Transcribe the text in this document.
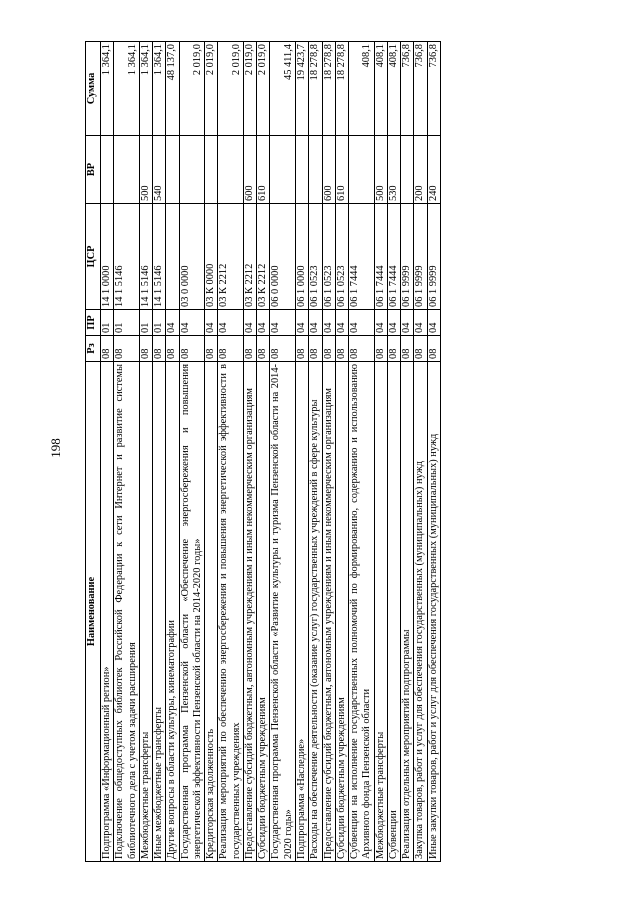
198
Наименование	Рз	ПР	ЦСР	ВР	Сумма
Подпрограмма «Информационный регион»	08	01	14 1 0000		1 364,1
Подключение общедоступных библиотек Российской Федерации к сети Интернет и развитие системы библиотечного дела с учетом задачи расширения	08	01	14 1 5146		1 364,1
Межбюджетные трансферты	08	01	14 1 5146	500	1 364,1
Иные межбюджетные трансферты	08	01	14 1 5146	540	1 364,1
Другие вопросы в области культуры, кинематографии	08	04			48 137,0
Государственная программа Пензенской области «Обеспечение энергосбережения и повышения энергетической эффективности Пензенской области на 2014-2020 годы»	08	04	03 0 0000		2 019,0
Кредиторская задолженность	08	04	03 К 0000		2 019,0
Реализация мероприятий по обеспечению энергосбережения и повышения энергетической эффективности в государственных учреждениях	08	04	03 К 2212		2 019,0
Предоставление субсидий бюджетным, автономным учреждениям и иным некоммерческим организациям	08	04	03 К 2212	600	2 019,0
Субсидии бюджетным учреждениям	08	04	03 К 2212	610	2 019,0
Государственная программа Пензенской области «Развитие культуры и туризма Пензенской области на 2014-2020 годы»	08	04	06 0 0000		45 411,4
Подпрограмма «Наследие»	08	04	06 1 0000		19 423,7
Расходы на обеспечение деятельности (оказание услуг) государственных учреждений в сфере культуры	08	04	06 1 0523		18 278,8
Предоставление субсидий бюджетным, автономным учреждениям и иным некоммерческим организациям	08	04	06 1 0523	600	18 278,8
Субсидии бюджетным учреждениям	08	04	06 1 0523	610	18 278,8
Субвенции на исполнение государственных полномочий по формированию, содержанию и использованию Архивного фонда Пензенской области	08	04	06 1 7444		408,1
Межбюджетные трансферты	08	04	06 1 7444	500	408,1
Субвенции	08	04	06 1 7444	530	408,1
Реализация отдельных мероприятий подпрограммы	08	04	06 1 9999		736,8
Закупка товаров, работ и услуг для обеспечения государственных (муниципальных) нужд	08	04	06 1 9999	200	736,8
Иные закупки товаров, работ и услуг для обеспечения государственных (муниципальных) нужд	08	04	06 1 9999	240	736,8
